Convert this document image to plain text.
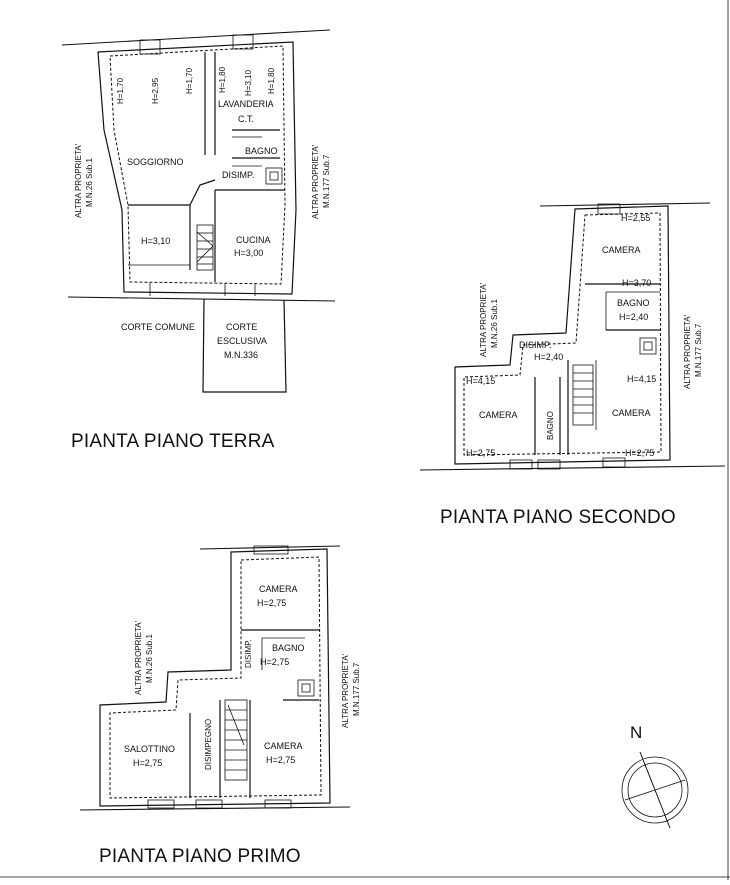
SOGGIORNO
LAVANDERIA
C.T.
BAGNO
DISIMP.
CUCINA
H=3,00
H=3,10
H=1,70	H=2,95	H=1,70	H=1,80 H=3,10 H=1,80
CORTE COMUNE	CORTE
ESCLUSIVA
M.N.336
ALTRA PROPRIETA' M.N.26 Sub.1	ALTRA PROPRIETA' M.N.177 Sub.7
PIANTA PIANO TERRA
H=2,55
CAMERA
H=3,70
BAGNO
H=2,40
DISIMP.
H=2,40
H=4,15	H=4,15
CAMERA	CAMERA
BAGNO
H=2,75	H=2,75
ALTRA PROPRIETA' M.N.26 Sub.1	ALTRA PROPRIETA' M.N.177 Sub.7
PIANTA PIANO SECONDO
CAMERA
H=2,75
BAGNO
H=2,75
DISIMP.
DISIMPEGNO
SALOTTINO
H=2,75
CAMERA
H=2,75
ALTRA PROPRIETA' M.N.26 Sub.1	ALTRA PROPRIETA' M.N.177 Sub.7
PIANTA PIANO PRIMO
N
